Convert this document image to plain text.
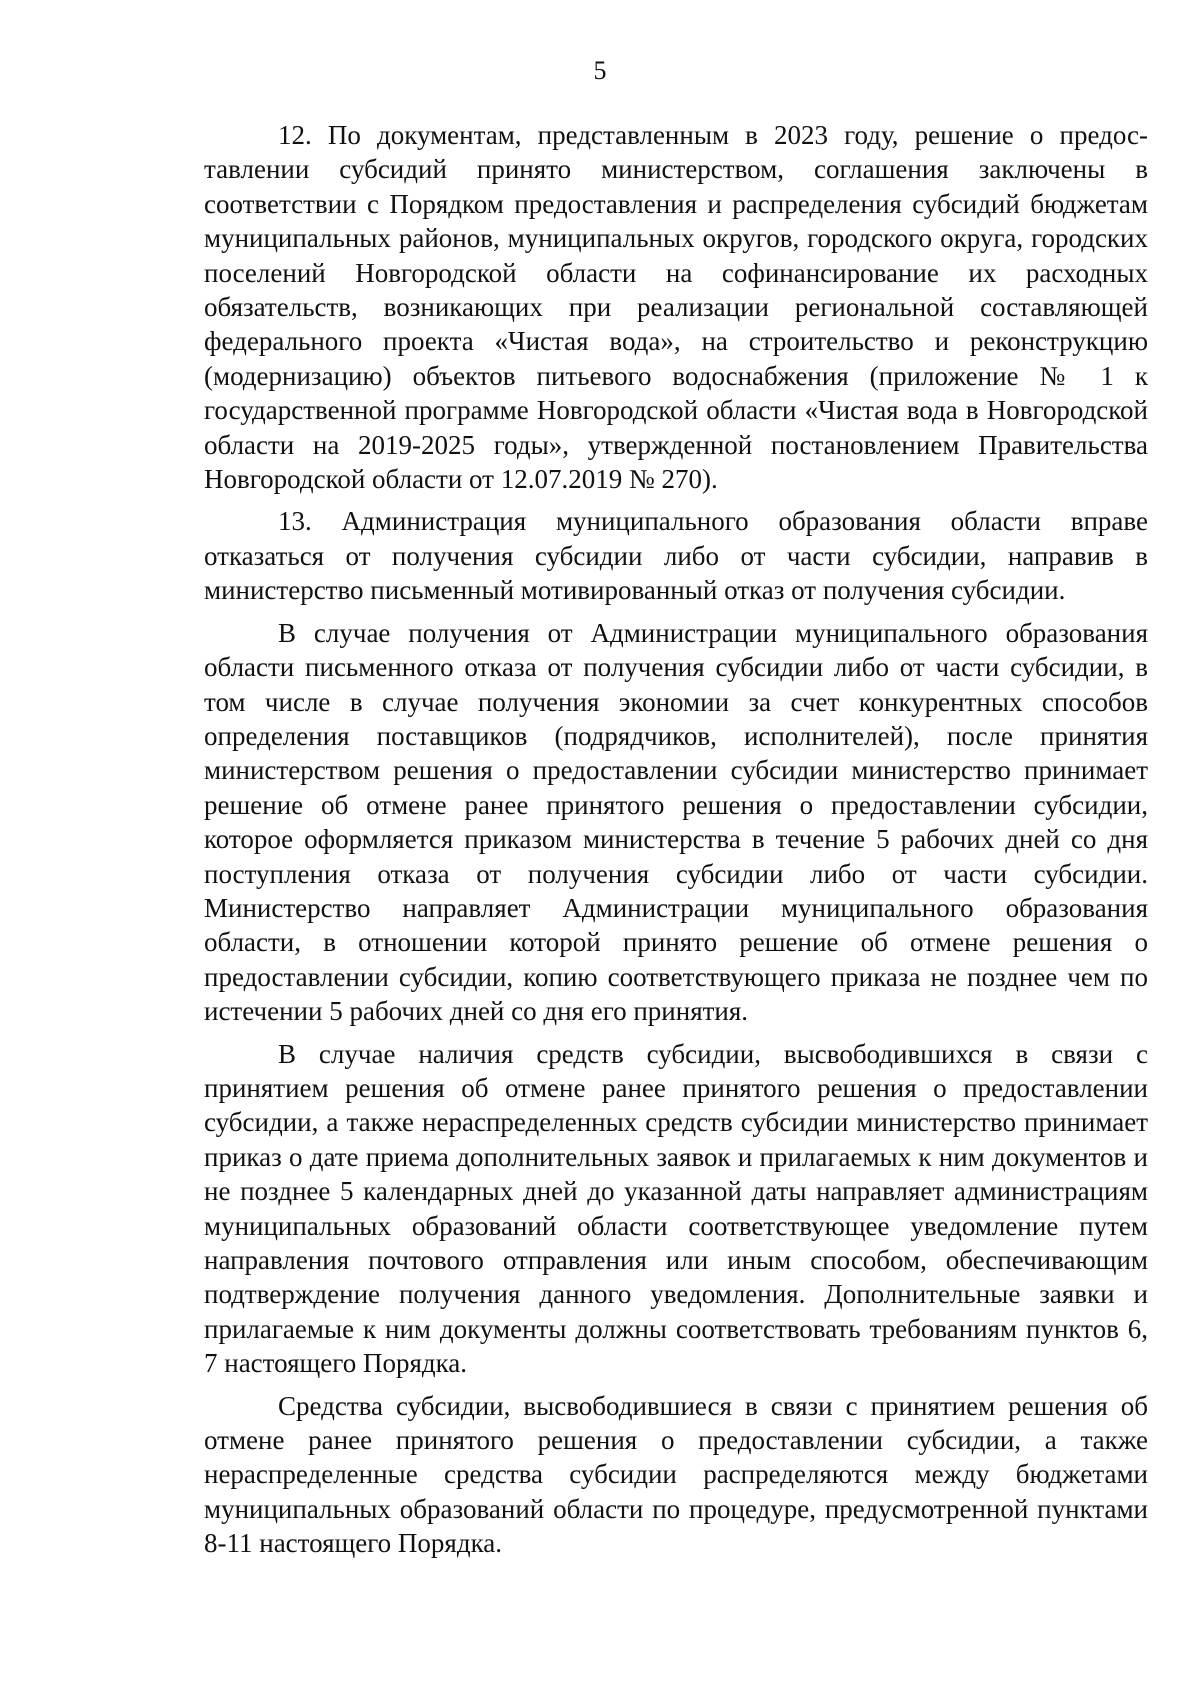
5

12. По документам, представленным в 2023 году, решение о предоставлении субсидий принято министерством, соглашения заключены в соответствии с Порядком предоставления и распределения субсидий бюджетам муниципальных районов, муниципальных округов, городского округа, городских поселений Новгородской области на софинансирование их расходных обязательств, возникающих при реализации региональной составляющей федерального проекта «Чистая вода», на строительство и реконструкцию (модернизацию) объектов питьевого водоснабжения (приложение № 1 к государственной программе Новгородской области «Чистая вода в Новгородской области на 2019-2025 годы», утвержденной постановлением Правительства Новгородской области от 12.07.2019 № 270).

13. Администрация муниципального образования области вправе отказаться от получения субсидии либо от части субсидии, направив в министерство письменный мотивированный отказ от получения субсидии.

В случае получения от Администрации муниципального образования области письменного отказа от получения субсидии либо от части субсидии, в том числе в случае получения экономии за счет конкурентных способов определения поставщиков (подрядчиков, исполнителей), после принятия министерством решения о предоставлении субсидии министерство принимает решение об отмене ранее принятого решения о предоставлении субсидии, которое оформляется приказом министерства в течение 5 рабочих дней со дня поступления отказа от получения субсидии либо от части субсидии. Министерство направляет Администрации муниципального образования области, в отношении которой принято решение об отмене решения о предоставлении субсидии, копию соответствующего приказа не позднее чем по истечении 5 рабочих дней со дня его принятия.

В случае наличия средств субсидии, высвободившихся в связи с принятием решения об отмене ранее принятого решения о предоставлении субсидии, а также нераспределенных средств субсидии министерство принимает приказ о дате приема дополнительных заявок и прилагаемых к ним документов и не позднее 5 календарных дней до указанной даты направляет администрациям муниципальных образований области соответствующее уведомление путем направления почтового отправления или иным способом, обеспечивающим подтверждение получения данного уведомления. Дополнительные заявки и прилагаемые к ним документы должны соответствовать требованиям пунктов 6, 7 настоящего Порядка.

Средства субсидии, высвободившиеся в связи с принятием решения об отмене ранее принятого решения о предоставлении субсидии, а также нераспределенные средства субсидии распределяются между бюджетами муниципальных образований области по процедуре, предусмотренной пунктами 8-11 настоящего Порядка.
